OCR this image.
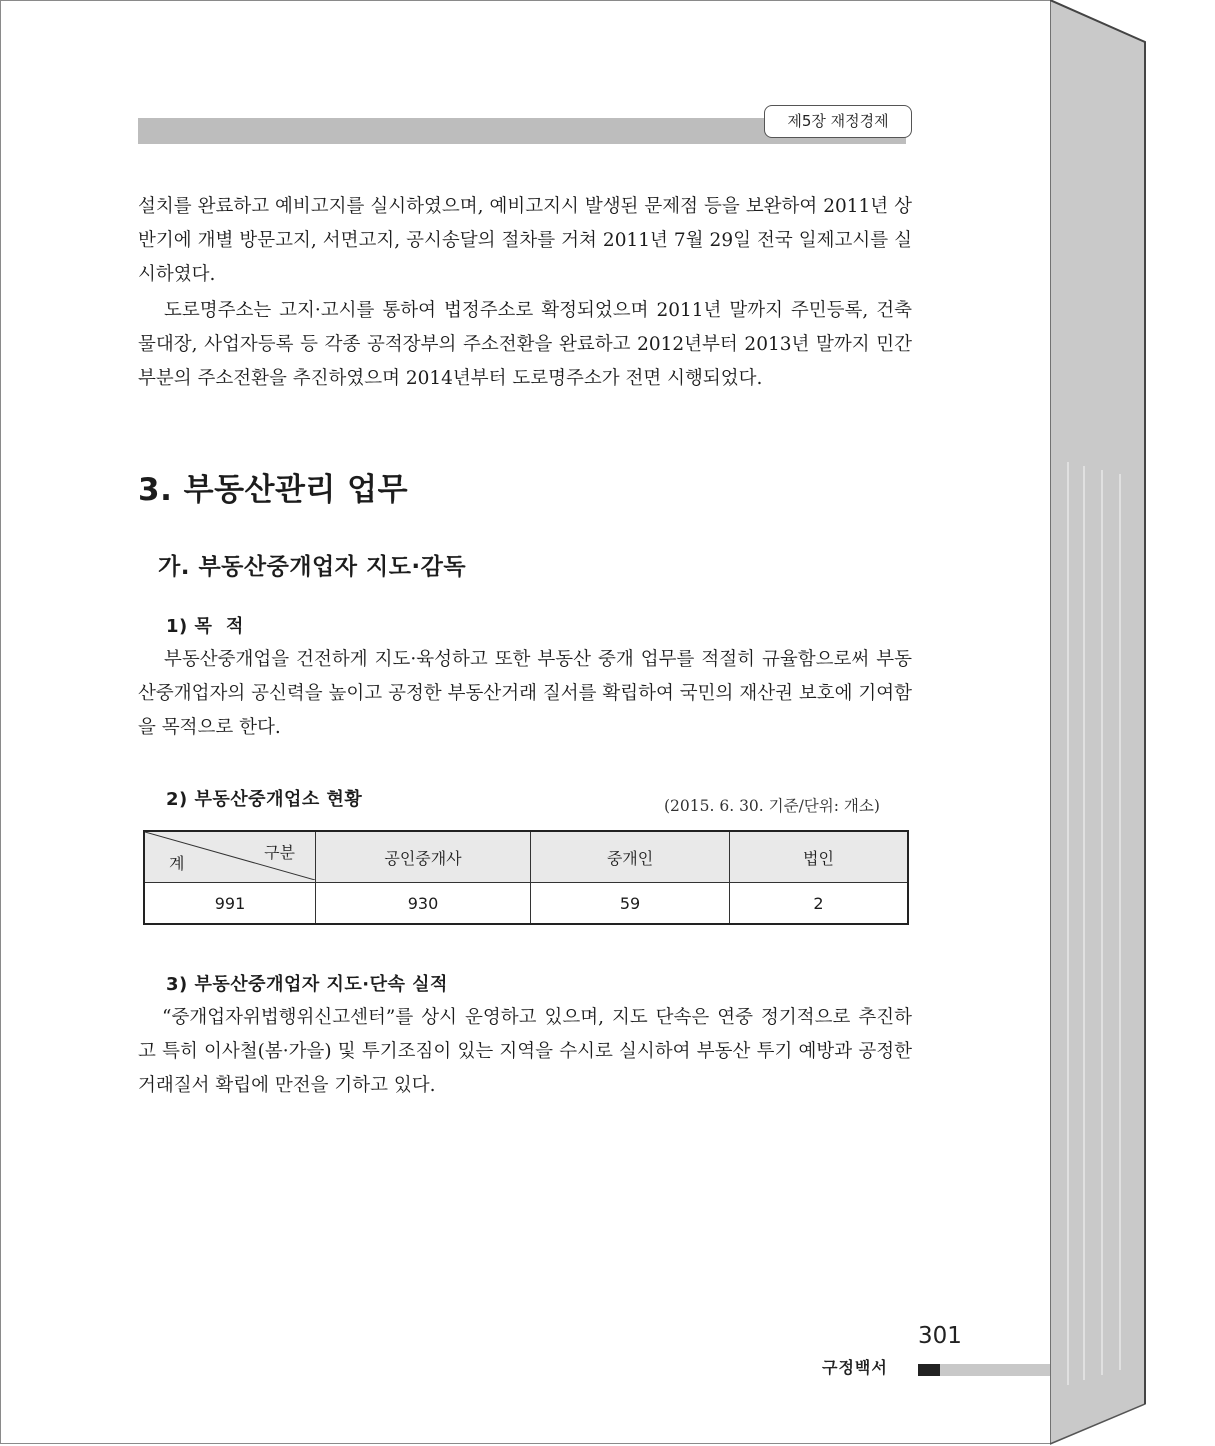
제5장 재정경제

설치를 완료하고 예비고지를 실시하였으며, 예비고지시 발생된 문제점 등을 보완하여 2011년 상반기에 개별 방문고지, 서면고지, 공시송달의 절차를 거쳐 2011년 7월 29일 전국 일제고시를 실시하였다.

도로명주소는 고지·고시를 통하여 법정주소로 확정되었으며 2011년 말까지 주민등록, 건축물대장, 사업자등록 등 각종 공적장부의 주소전환을 완료하고 2012년부터 2013년 말까지 민간부분의 주소전환을 추진하였으며 2014년부터 도로명주소가 전면 시행되었다.

3. 부동산관리 업무
가. 부동산중개업자 지도·감독
1) 목  적

부동산중개업을 건전하게 지도·육성하고 또한 부동산 중개 업무를 적절히 규율함으로써 부동산중개업자의 공신력을 높이고 공정한 부동산거래 질서를 확립하여 국민의 재산권 보호에 기여함을 목적으로 한다.

2) 부동산중개업소 현황	(2015. 6. 30. 기준/단위: 개소)
구분
계	공인중개사	중개인	법인
991	930	59	2
3) 부동산중개업자 지도·단속 실적

“중개업자위법행위신고센터”를 상시 운영하고 있으며, 지도 단속은 연중 정기적으로 추진하고 특히 이사철(봄·가을) 및 투기조짐이 있는 지역을 수시로 실시하여 부동산 투기 예방과 공정한 거래질서 확립에 만전을 기하고 있다.

301
구정백서
